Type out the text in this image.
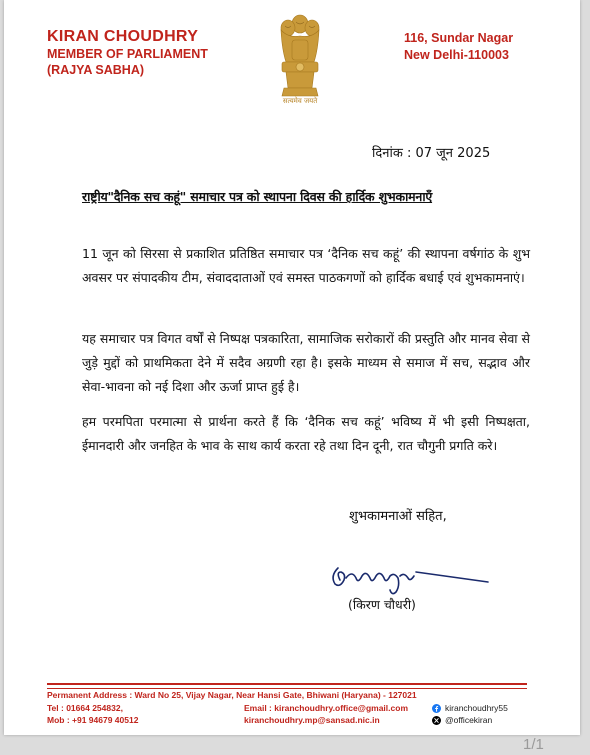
KIRAN CHOUDHRY
MEMBER OF PARLIAMENT
(RAJYA SABHA)
सत्यमेव जयते
116, Sundar Nagar
New Delhi-110003
दिनांक : 07 जून 2025
राष्ट्रीय"दैनिक सच कहूं" समाचार पत्र को स्थापना दिवस की हार्दिक शुभकामनाएँ
11 जून को सिरसा से प्रकाशित प्रतिष्ठित समाचार पत्र ‘दैनिक सच कहूं’ की स्थापना वर्षगांठ के शुभ अवसर पर संपादकीय टीम, संवाददाताओं एवं समस्त पाठकगणों को हार्दिक बधाई एवं शुभकामनाएं।
यह समाचार पत्र विगत वर्षों से निष्पक्ष पत्रकारिता, सामाजिक सरोकारों की प्रस्तुति और मानव सेवा से जुड़े मुद्दों को प्राथमिकता देने में सदैव अग्रणी रहा है। इसके माध्यम से समाज में सच, सद्भाव और सेवा-भावना को नई दिशा और ऊर्जा प्राप्त हुई है।
हम परमपिता परमात्मा से प्रार्थना करते हैं कि ‘दैनिक सच कहूं’ भविष्य में भी इसी निष्पक्षता, ईमानदारी और जनहित के भाव के साथ कार्य करता रहे तथा दिन दूनी, रात चौगुनी प्रगति करे।
शुभकामनाओं सहित,
(किरण चौधरी)
Permanent Address : Ward No 25, Vijay Nagar, Near Hansi Gate, Bhiwani (Haryana) - 127021
Tel : 01664 254832,
Mob : +91 94679 40512
Email : kiranchoudhry.office@gmail.com
kiranchoudhry.mp@sansad.nic.in
kiranchoudhry55
@officekiran
1/1
